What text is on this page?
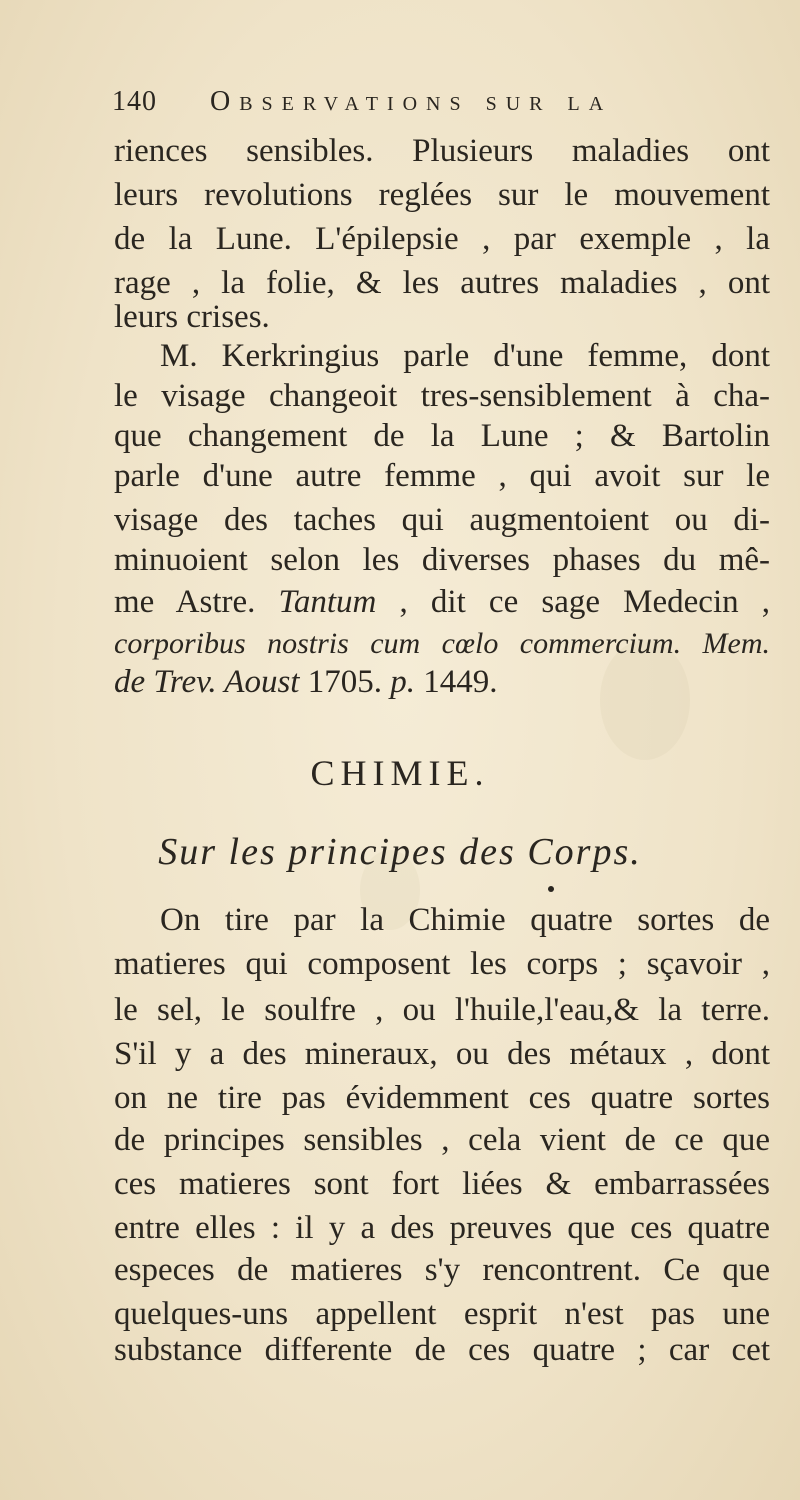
140 Observations sur la
riences sensibles. Plusieurs maladies ont
leurs revolutions reglées sur le mouvement
de la Lune. L'épilepsie , par exemple , la
rage , la folie, & les autres maladies , ont
leurs crises.
M. Kerkringius parle d'une femme, dont
le visage changeoit tres-sensiblement à cha-
que changement de la Lune ; & Bartolin
parle d'une autre femme , qui avoit sur le
visage des taches qui augmentoient ou di-
minuoient selon les diverses phases du mê-
me Astre. Tantum , dit ce sage Medecin ,
corporibus nostris cum cœlo commercium. Mem.
de Trev. Aoust 1705. p. 1449.
CHIMIE.
Sur les principes des Corps.
On tire par la Chimie quatre sortes de
matieres qui composent les corps ; sçavoir ,
le sel, le soulfre , ou l'huile,l'eau,& la terre.
S'il y a des mineraux, ou des métaux , dont
on ne tire pas évidemment ces quatre sortes
de principes sensibles , cela vient de ce que
ces matieres sont fort liées & embarrassées
entre elles : il y a des preuves que ces quatre
especes de matieres s'y rencontrent. Ce que
quelques-uns appellent esprit n'est pas une
substance differente de ces quatre ; car cet
